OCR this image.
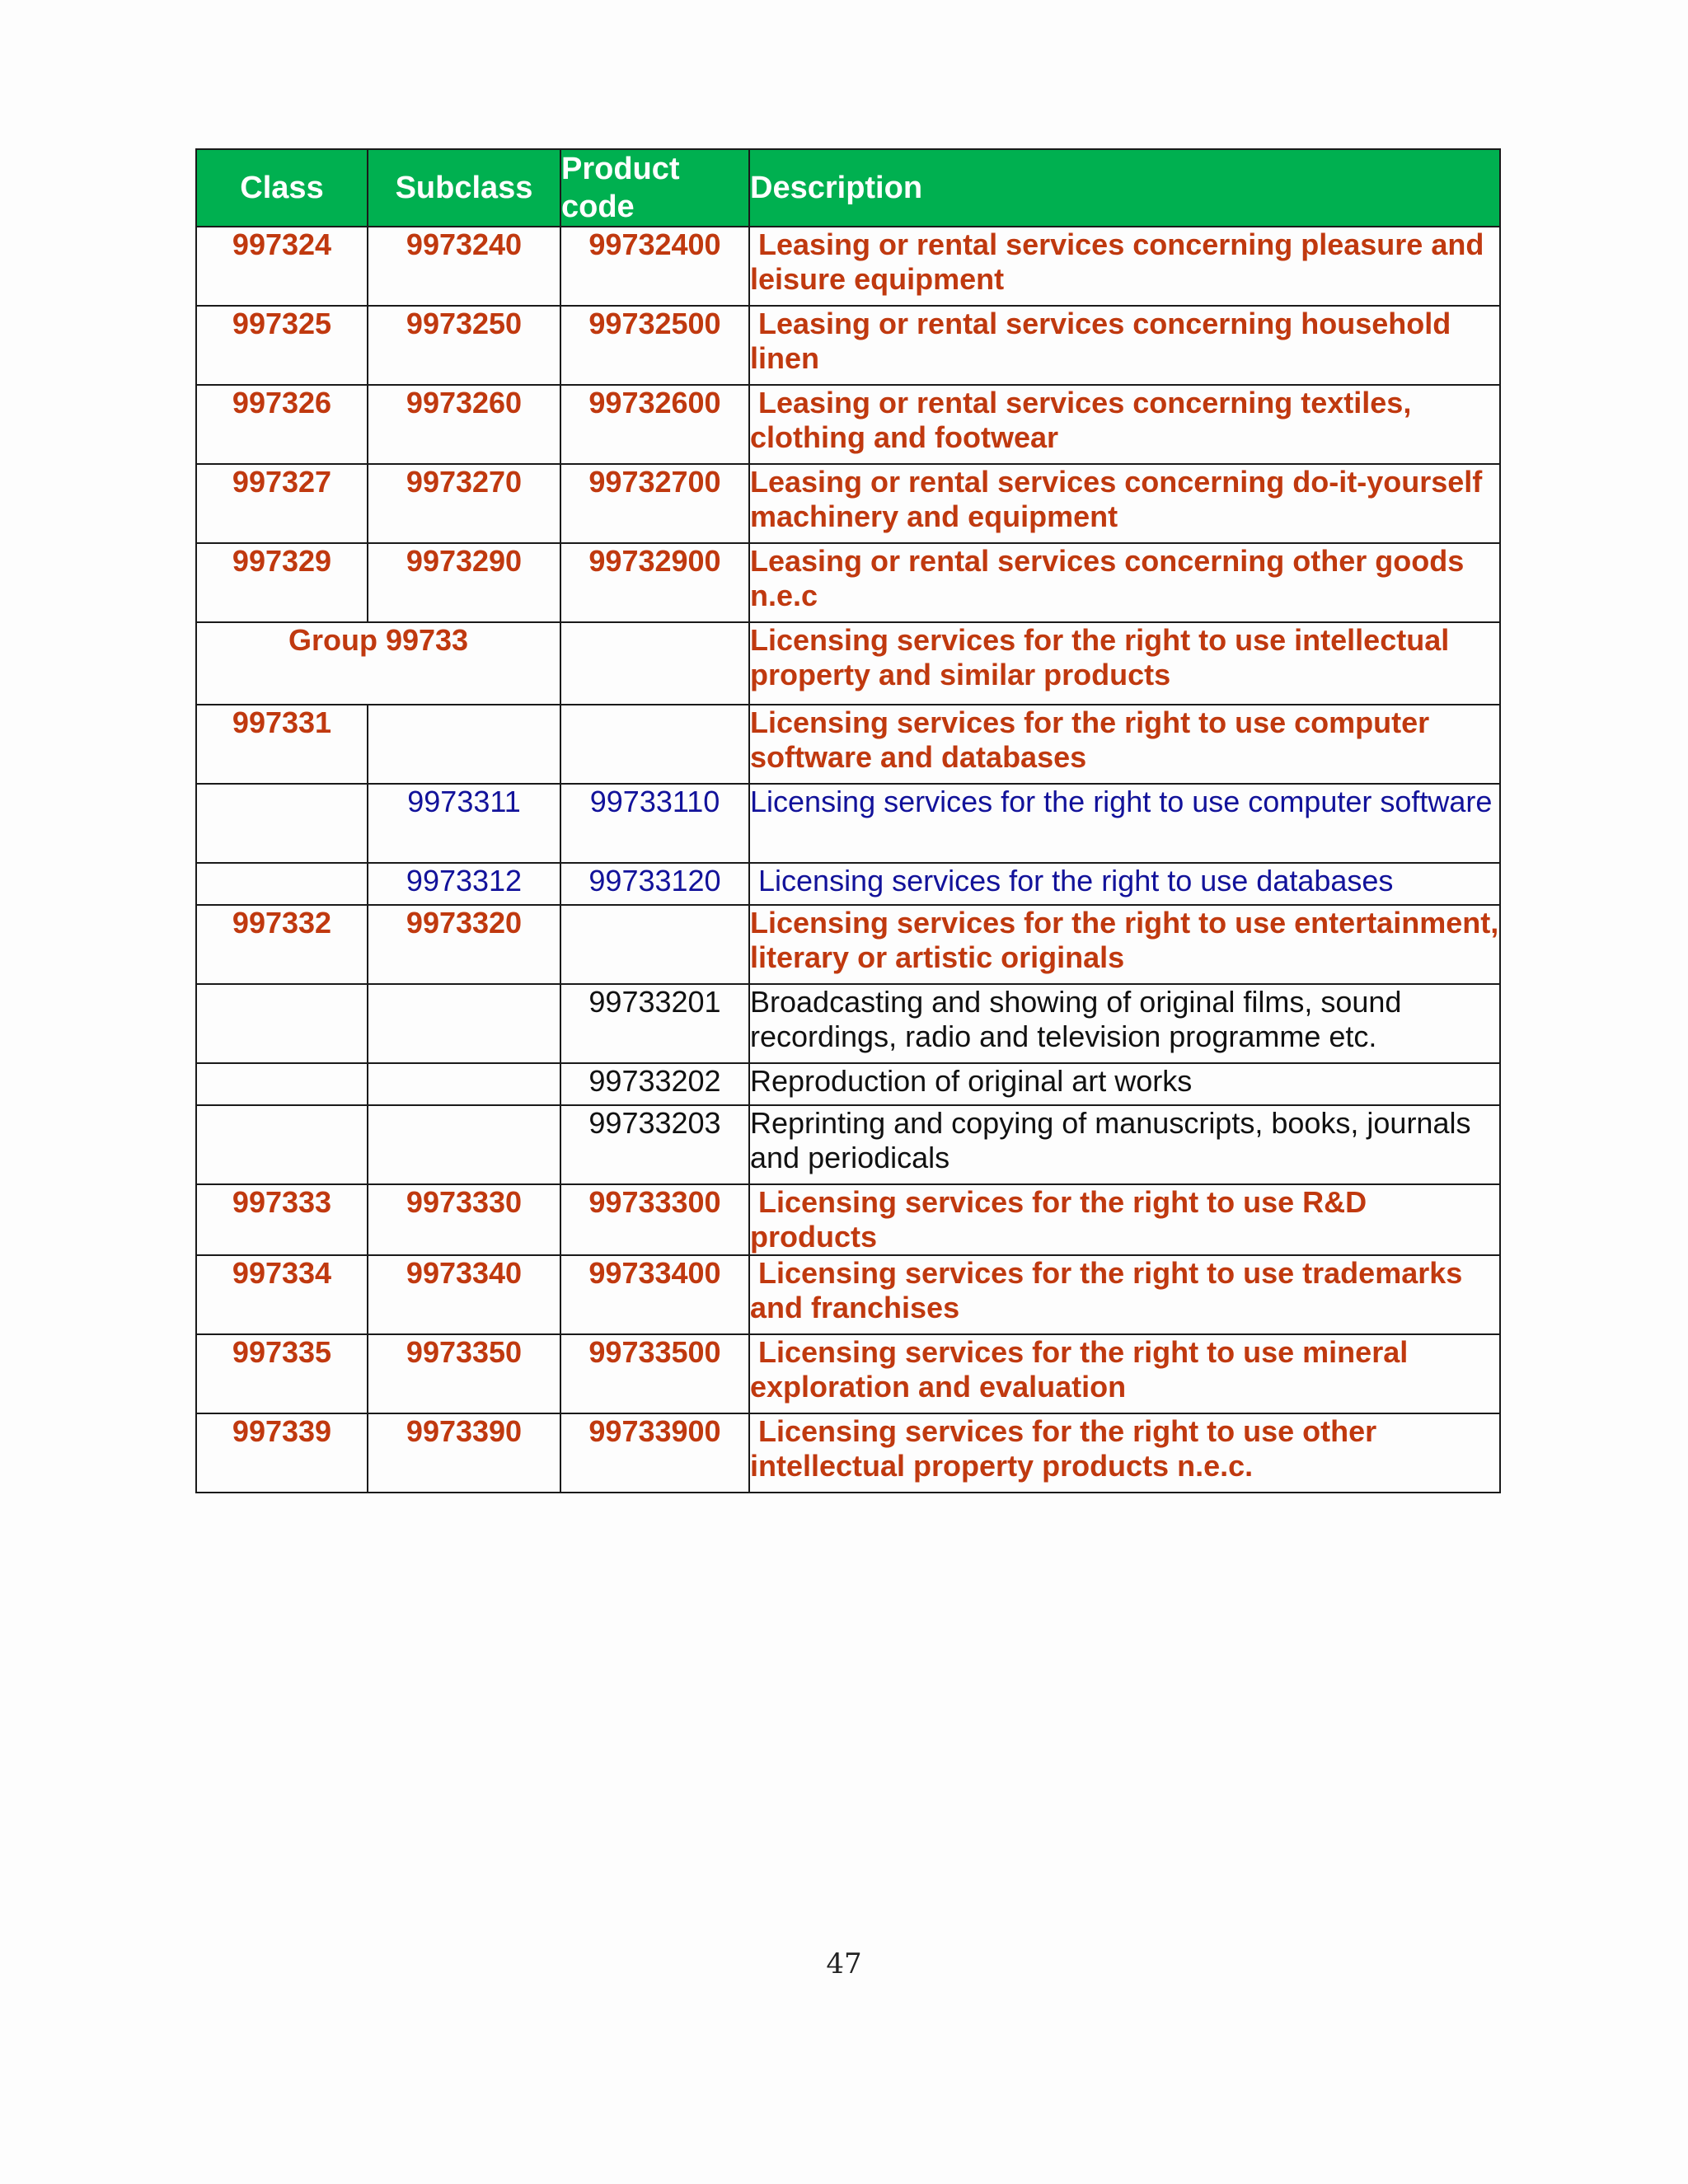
Class	Subclass	Product code	Description
997324	9973240	99732400	Leasing or rental services concerning pleasure and leisure equipment
997325	9973250	99732500	Leasing or rental services concerning household linen
997326	9973260	99732600	Leasing or rental services concerning textiles, clothing and footwear
997327	9973270	99732700	Leasing or rental services concerning do-it-yourself machinery and equipment
997329	9973290	99732900	Leasing or rental services concerning other goods n.e.c
Group 99733			Licensing services for the right to use intellectual property and similar products
997331			Licensing services for the right to use computer software and databases
	9973311	99733110	Licensing services for the right to use computer software
	9973312	99733120	Licensing services for the right to use databases
997332	9973320		Licensing services for the right to use entertainment, literary or artistic originals
		99733201	Broadcasting and showing of original films, sound recordings, radio and television programme etc.
		99733202	Reproduction of original art works
		99733203	Reprinting and copying of manuscripts, books, journals and periodicals
997333	9973330	99733300	Licensing services for the right to use R&D products
997334	9973340	99733400	Licensing services for the right to use trademarks and franchises
997335	9973350	99733500	Licensing services for the right to use mineral exploration and evaluation
997339	9973390	99733900	Licensing services for the right to use other intellectual property products n.e.c.
47
